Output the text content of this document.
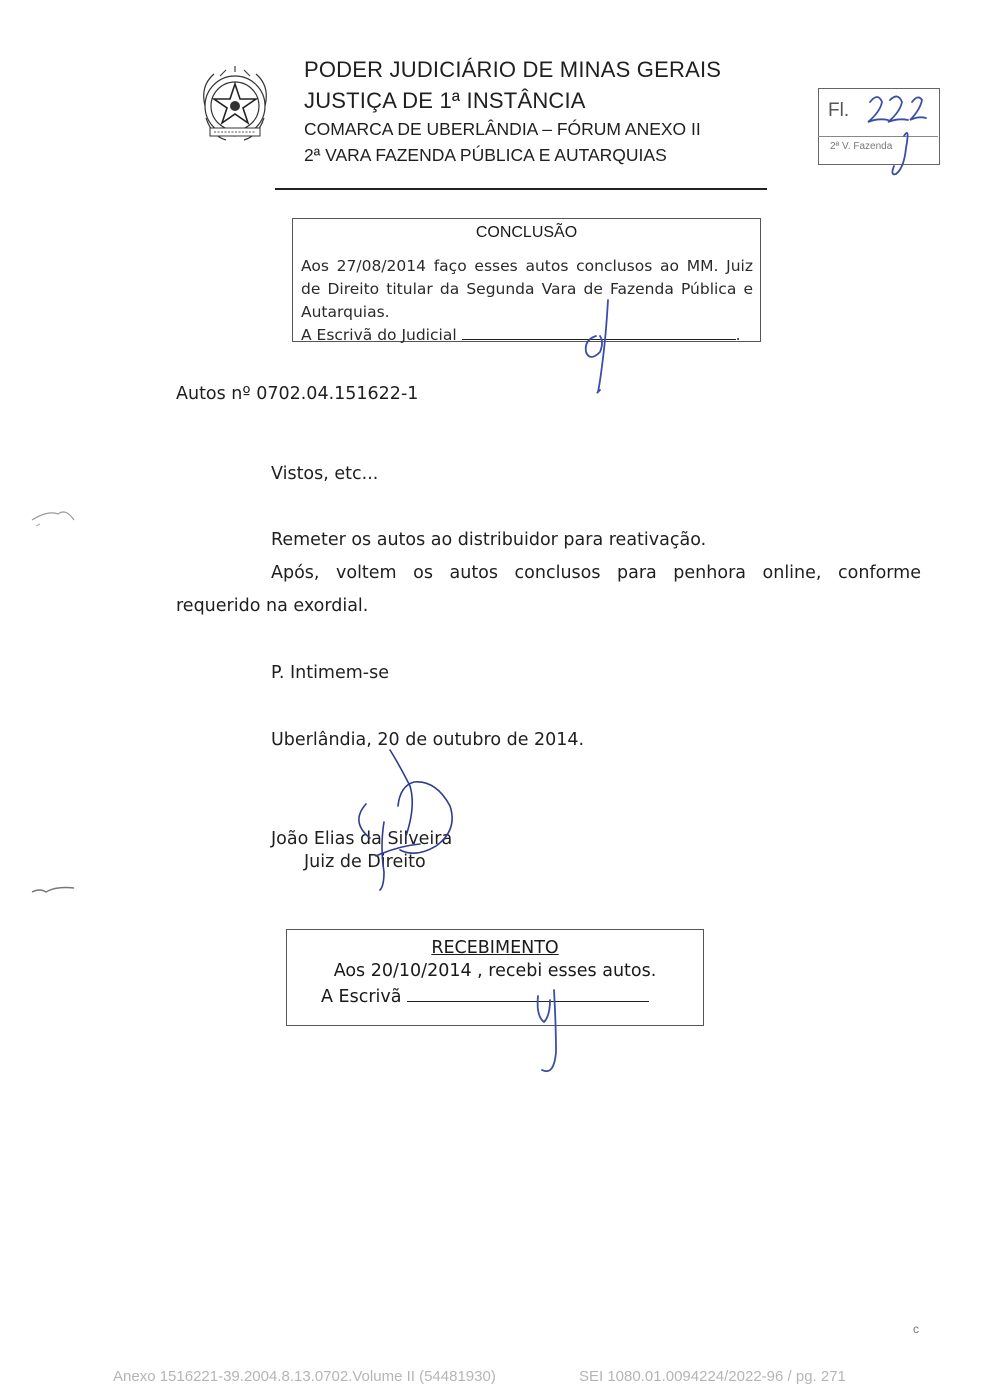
PODER JUDICIÁRIO DE MINAS GERAIS
JUSTIÇA DE 1ª INSTÂNCIA
COMARCA DE UBERLÂNDIA – FÓRUM ANEXO II
2ª VARA FAZENDA PÚBLICA E AUTARQUIAS
Fl.
2ª V. Fazenda
CONCLUSÃO
Aos 27/08/2014 faço esses autos conclusos ao MM. Juiz de Direito titular da Segunda Vara de Fazenda Pública e Autarquias.
A Escrivã do Judicial	.
Autos nº 0702.04.151622-1
Vistos, etc...
Remeter os autos ao distribuidor para reativação.
Após, voltem os autos conclusos para penhora online, conforme
requerido na exordial.
P. Intimem-se
Uberlândia, 20 de outubro de 2014.
João Elias da Silveira
Juiz de Direito
RECEBIMENTO
Aos 20/10/2014 , recebi esses autos.
A Escrivã
c
Anexo 1516221-39.2004.8.13.0702.Volume II (54481930)	SEI 1080.01.0094224/2022-96 / pg. 271
